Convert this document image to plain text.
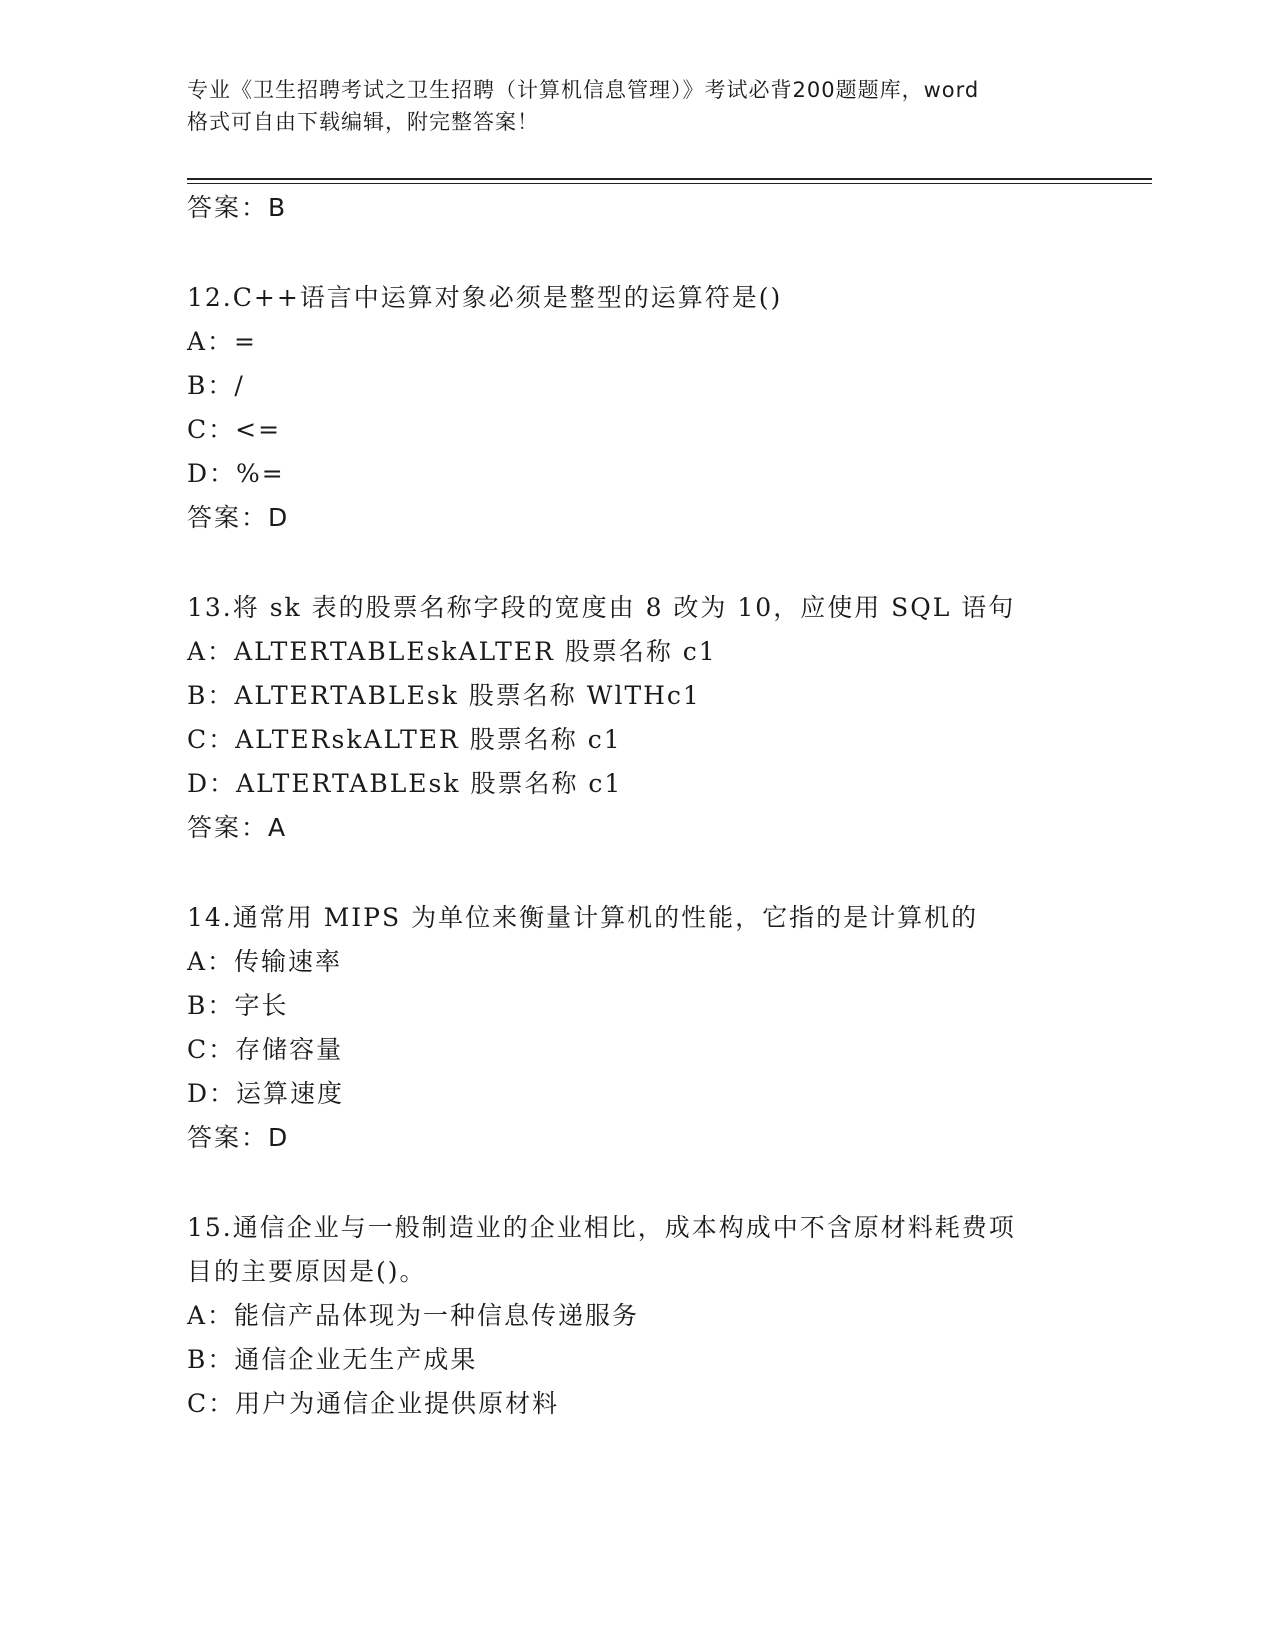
专业《卫生招聘考试之卫生招聘（计算机信息管理）》考试必背200题题库，word
格式可自由下载编辑，附完整答案！
答案：B
12.C++语言中运算对象必须是整型的运算符是()
A：=
B：/
C：<=
D：%=
答案：D
13.将 sk 表的股票名称字段的宽度由 8 改为 10，应使用 SQL 语句
A：ALTERTABLEskALTER 股票名称 c1
B：ALTERTABLEsk 股票名称 WlTHc1
C：ALTERskALTER 股票名称 c1
D：ALTERTABLEsk 股票名称 c1
答案：A
14.通常用 MIPS 为单位来衡量计算机的性能，它指的是计算机的
A：传输速率
B：字长
C：存储容量
D：运算速度
答案：D
15.通信企业与一般制造业的企业相比，成本构成中不含原材料耗费项
目的主要原因是()。
A：能信产品体现为一种信息传递服务
B：通信企业无生产成果
C：用户为通信企业提供原材料
